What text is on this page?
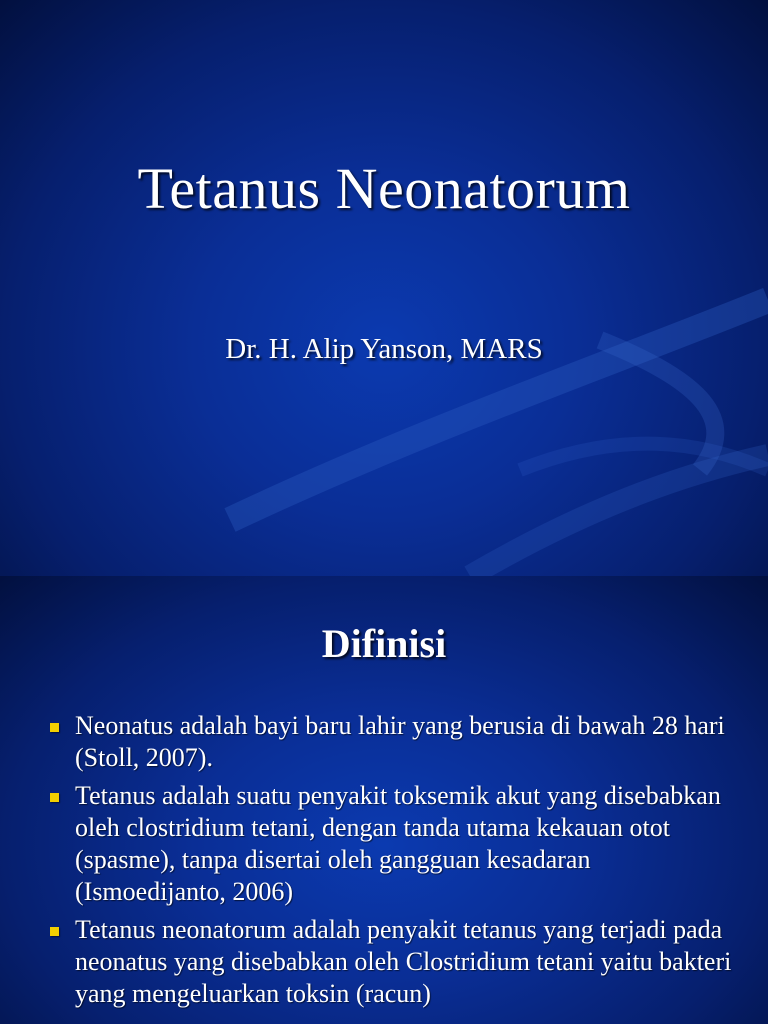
Tetanus Neonatorum

Dr. H. Alip Yanson, MARS

Difinisi
Neonatus adalah bayi baru lahir yang berusia di bawah 28 hari (Stoll, 2007).
Tetanus adalah suatu penyakit toksemik akut yang disebabkan oleh clostridium tetani, dengan tanda utama kekauan otot (spasme), tanpa disertai oleh gangguan kesadaran (Ismoedijanto, 2006)
Tetanus neonatorum adalah penyakit tetanus yang terjadi pada neonatus yang disebabkan oleh Clostridium tetani yaitu bakteri yang mengeluarkan toksin (racun)
